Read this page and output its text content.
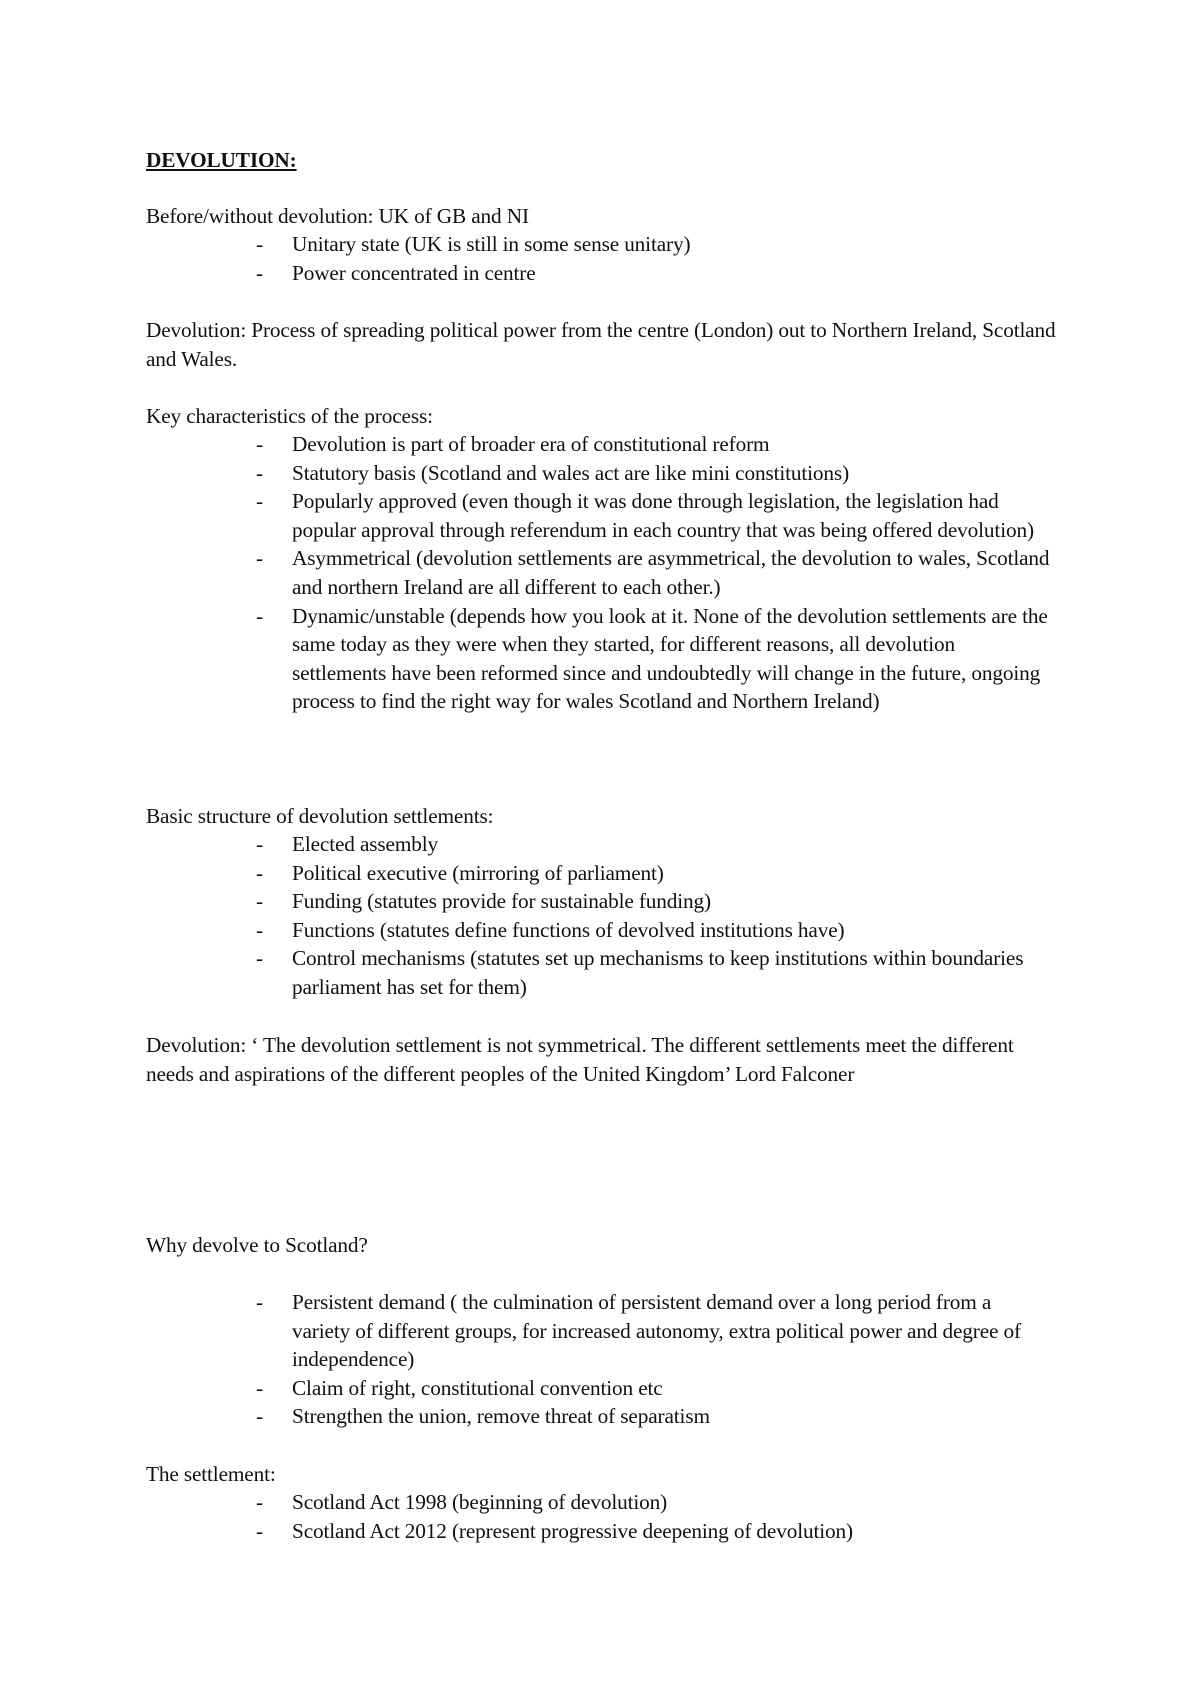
DEVOLUTION:

Before/without devolution: UK of GB and NI

- Unitary state (UK is still in some sense unitary)
- Power concentrated in centre

Devolution: Process of spreading political power from the centre (London) out to Northern Ireland, Scotland and Wales.

Key characteristics of the process:

- Devolution is part of broader era of constitutional reform
- Statutory basis (Scotland and wales act are like mini constitutions)
- Popularly approved (even though it was done through legislation, the legislation had popular approval through referendum in each country that was being offered devolution)
- Asymmetrical (devolution settlements are asymmetrical, the devolution to wales, Scotland and northern Ireland are all different to each other.)
- Dynamic/unstable (depends how you look at it. None of the devolution settlements are the same today as they were when they started, for different reasons, all devolution settlements have been reformed since and undoubtedly will change in the future, ongoing process to find the right way for wales Scotland and Northern Ireland)

Basic structure of devolution settlements:

- Elected assembly
- Political executive (mirroring of parliament)
- Funding (statutes provide for sustainable funding)
- Functions (statutes define functions of devolved institutions have)
- Control mechanisms (statutes set up mechanisms to keep institutions within boundaries parliament has set for them)

Devolution: ‘ The devolution settlement is not symmetrical. The different settlements meet the different needs and aspirations of the different peoples of the United Kingdom’ Lord Falconer

Why devolve to Scotland?

- Persistent demand ( the culmination of persistent demand over a long period from a variety of different groups, for increased autonomy, extra political power and degree of independence)
- Claim of right, constitutional convention etc
- Strengthen the union, remove threat of separatism

The settlement:

- Scotland Act 1998 (beginning of devolution)
- Scotland Act 2012 (represent progressive deepening of devolution)
